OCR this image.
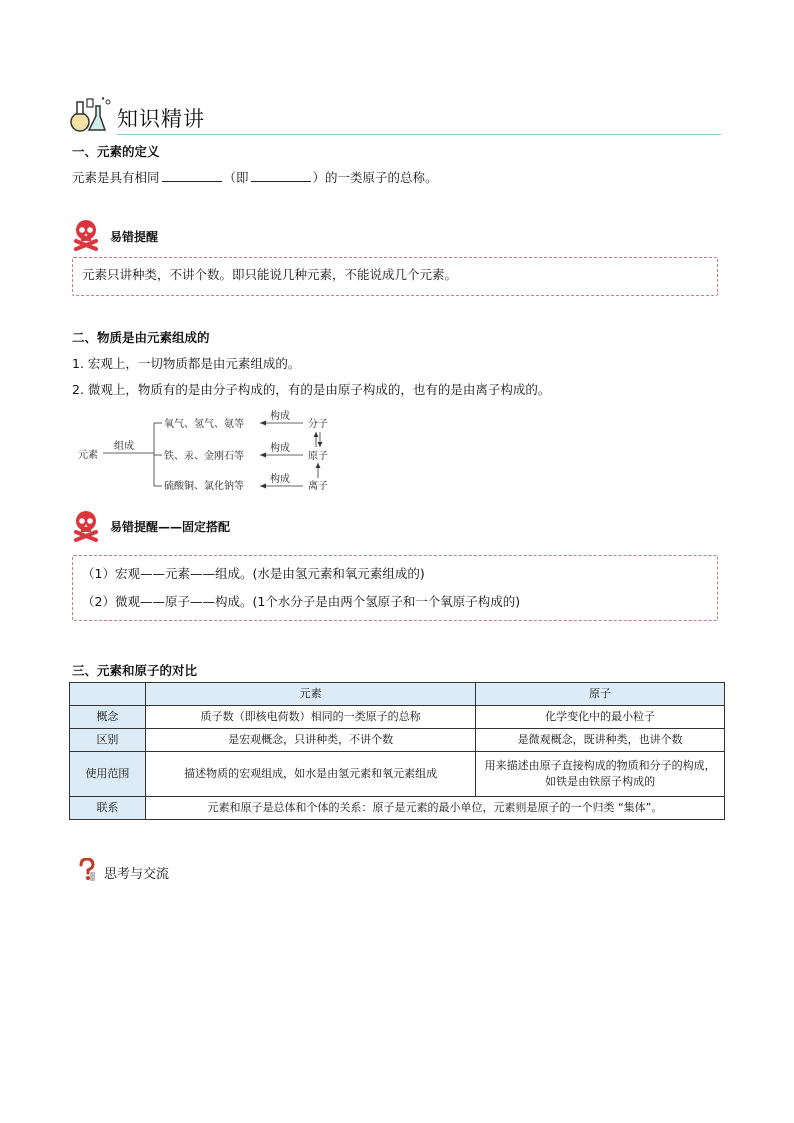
知识精讲
一、元素的定义
元素是具有相同	（即	）的一类原子的总称。
易错提醒
元素只讲种类，不讲个数。即只能说几种元素，不能说成几个元素。
二、物质是由元素组成的
1. 宏观上，一切物质都是由元素组成的。
2. 微观上，物质有的是由分子构成的，有的是由原子构成的，也有的是由离子构成的。
元素
组成
氧气、氢气、氨等
铁、汞、金刚石等
硫酸铜、氯化钠等
构成
构成
构成
分子
原子
离子
易错提醒——固定搭配
（1）宏观——元素——组成。(水是由氢元素和氧元素组成的)
（2）微观——原子——构成。(1个水分子是由两个氢原子和一个氧原子构成的)
三、元素和原子的对比
	元素	原子
概念	质子数（即核电荷数）相同的一类原子的总称	化学变化中的最小粒子
区别	是宏观概念，只讲种类，不讲个数	是微观概念，既讲种类，也讲个数
使用范围	描述物质的宏观组成，如水是由氢元素和氧元素组成	用来描述由原子直接构成的物质和分子的构成，如铁是由铁原子构成的
联系	元素和原子是总体和个体的关系：原子是元素的最小单位，元素则是原子的一个归类 “集体”。	
思考与交流
